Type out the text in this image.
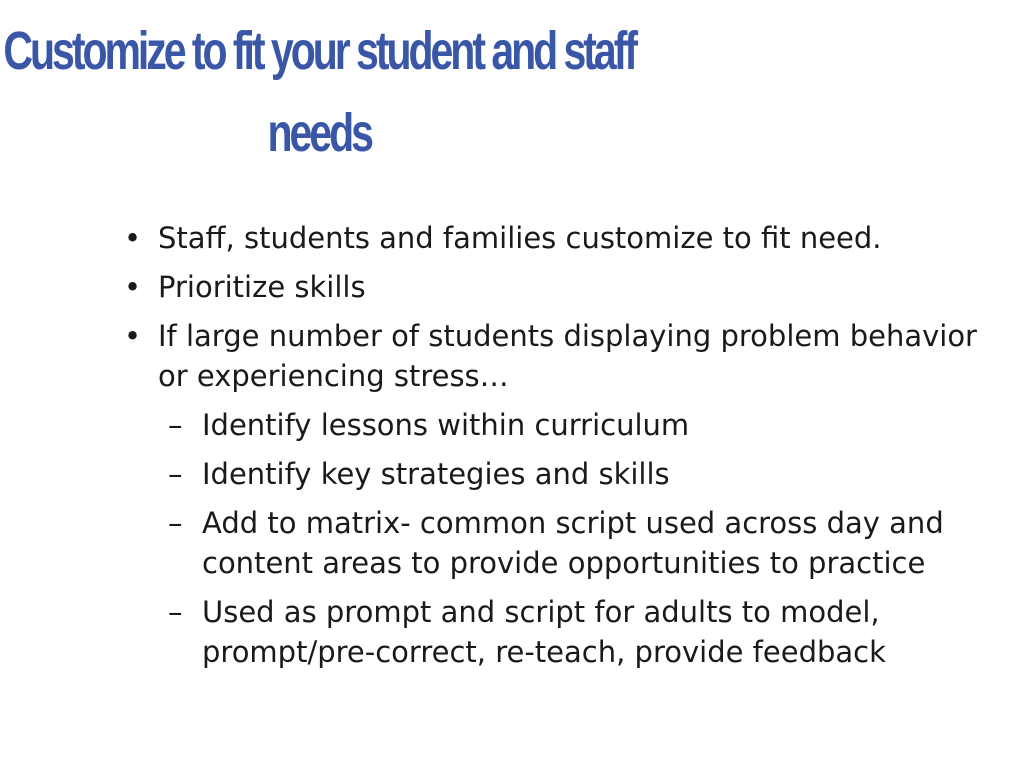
Customize to fit your student and staff
needs
• Staff, students and families customize to fit need.
• Prioritize skills
• If large number of students displaying problem behavior or experiencing stress…
– Identify lessons within curriculum
– Identify key strategies and skills
– Add to matrix- common script used across day and content areas to provide opportunities to practice
– Used as prompt and script for adults to model, prompt/pre-correct, re-teach, provide feedback
